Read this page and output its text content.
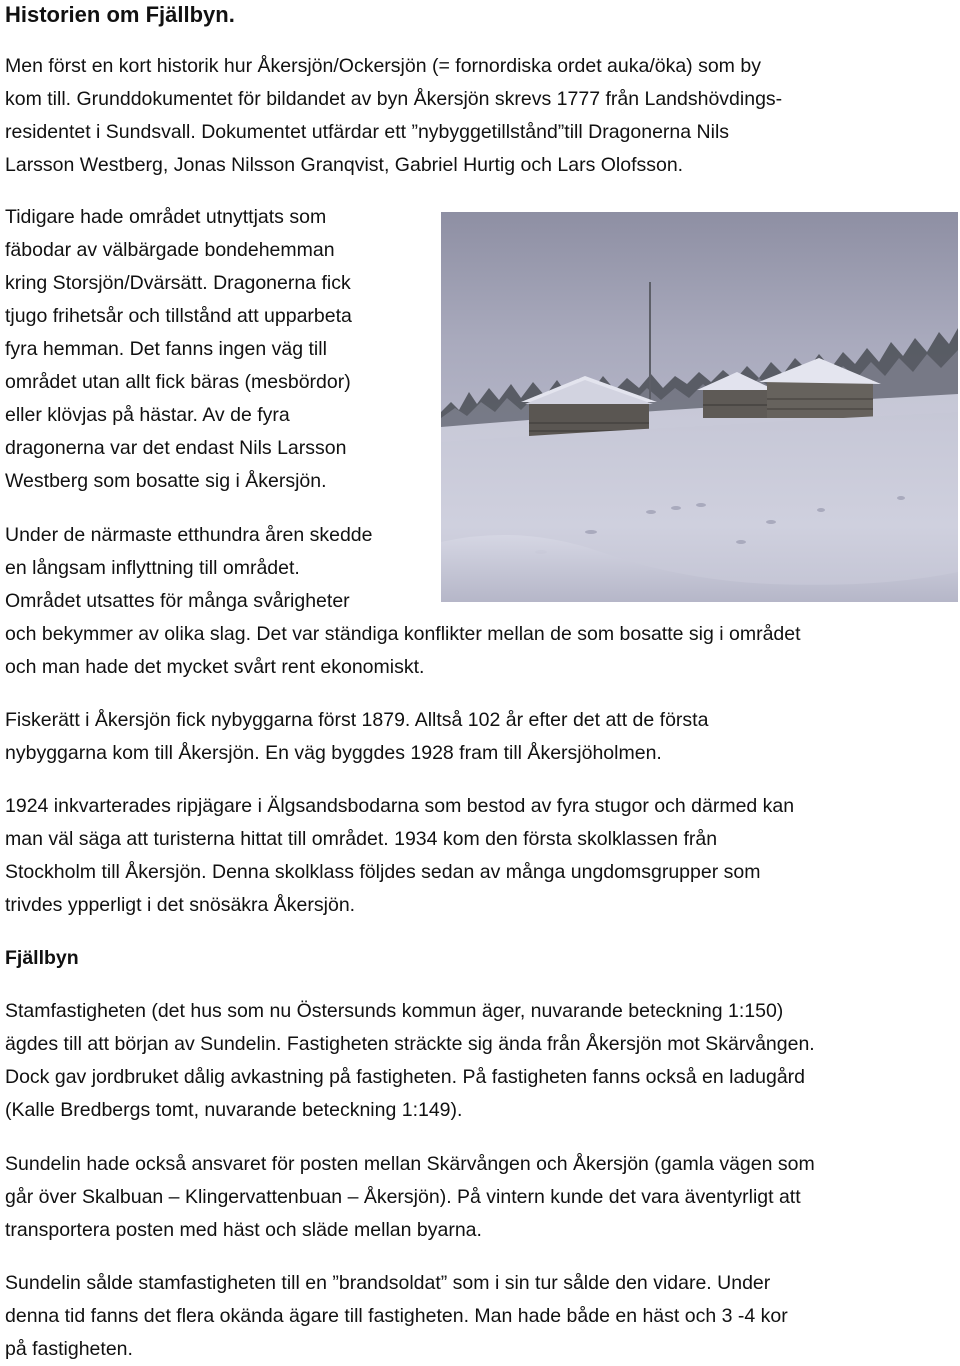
Historien om Fjällbyn.
Men först en kort historik hur Åkersjön/Ockersjön (= fornordiska ordet auka/öka) som by
kom till. Grunddokumentet för bildandet av byn Åkersjön skrevs 1777 från Landshövdings-
residentet i Sundsvall. Dokumentet utfärdar ett ”nybyggetillstånd”till Dragonerna Nils
Larsson Westberg, Jonas Nilsson Granqvist, Gabriel Hurtig och Lars Olofsson.
Tidigare hade området utnyttjats som
fäbodar av välbärgade bondehemman
kring Storsjön/Dvärsätt. Dragonerna fick
tjugo frihetsår och tillstånd att upparbeta
fyra hemman. Det fanns ingen väg till
området utan allt fick bäras (mesbördor)
eller klövjas på hästar. Av de fyra
dragonerna var det endast Nils Larsson
Westberg som bosatte sig i Åkersjön.
Under de närmaste etthundra åren skedde
en långsam inflyttning till området.
Området utsattes för många svårigheter
och bekymmer av olika slag. Det var ständiga konflikter mellan de som bosatte sig i området
och man hade det mycket svårt rent ekonomiskt.
Fiskerätt i Åkersjön fick nybyggarna först 1879. Alltså 102 år efter det att de första
nybyggarna kom till Åkersjön. En väg byggdes 1928 fram till Åkersjöholmen.
1924 inkvarterades ripjägare i Älgsandsbodarna som bestod av fyra stugor och därmed kan
man väl säga att turisterna hittat till området. 1934 kom den första skolklassen från
Stockholm till Åkersjön. Denna skolklass följdes sedan av många ungdomsgrupper som
trivdes ypperligt i det snösäkra Åkersjön.
Fjällbyn
Stamfastigheten (det hus som nu Östersunds kommun äger, nuvarande beteckning 1:150)
ägdes till att början av Sundelin. Fastigheten sträckte sig ända från Åkersjön mot Skärvången.
Dock gav jordbruket dålig avkastning på fastigheten. På fastigheten fanns också en ladugård
(Kalle Bredbergs tomt, nuvarande beteckning 1:149).
Sundelin hade också ansvaret för posten mellan Skärvången och Åkersjön (gamla vägen som
går över Skalbuan – Klingervattenbuan – Åkersjön). På vintern kunde det vara äventyrligt att
transportera posten med häst och släde mellan byarna.
Sundelin sålde stamfastigheten till en ”brandsoldat” som i sin tur sålde den vidare. Under
denna tid fanns det flera okända ägare till fastigheten. Man hade både en häst och 3 -4 kor
på fastigheten.
